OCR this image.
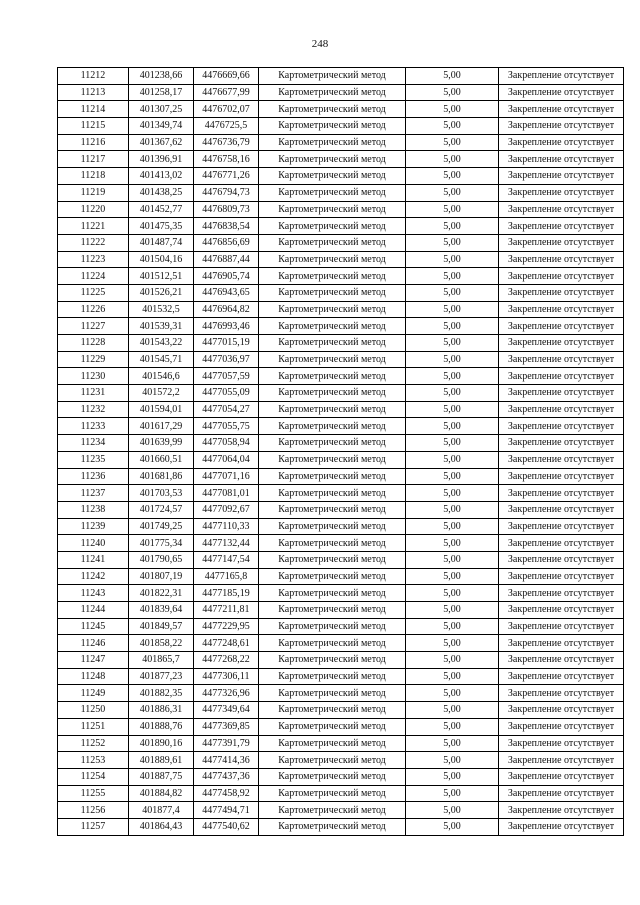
248
11212	401238,66	4476669,66	Картометрический метод	5,00	Закрепление отсутствует
11213	401258,17	4476677,99	Картометрический метод	5,00	Закрепление отсутствует
11214	401307,25	4476702,07	Картометрический метод	5,00	Закрепление отсутствует
11215	401349,74	4476725,5	Картометрический метод	5,00	Закрепление отсутствует
11216	401367,62	4476736,79	Картометрический метод	5,00	Закрепление отсутствует
11217	401396,91	4476758,16	Картометрический метод	5,00	Закрепление отсутствует
11218	401413,02	4476771,26	Картометрический метод	5,00	Закрепление отсутствует
11219	401438,25	4476794,73	Картометрический метод	5,00	Закрепление отсутствует
11220	401452,77	4476809,73	Картометрический метод	5,00	Закрепление отсутствует
11221	401475,35	4476838,54	Картометрический метод	5,00	Закрепление отсутствует
11222	401487,74	4476856,69	Картометрический метод	5,00	Закрепление отсутствует
11223	401504,16	4476887,44	Картометрический метод	5,00	Закрепление отсутствует
11224	401512,51	4476905,74	Картометрический метод	5,00	Закрепление отсутствует
11225	401526,21	4476943,65	Картометрический метод	5,00	Закрепление отсутствует
11226	401532,5	4476964,82	Картометрический метод	5,00	Закрепление отсутствует
11227	401539,31	4476993,46	Картометрический метод	5,00	Закрепление отсутствует
11228	401543,22	4477015,19	Картометрический метод	5,00	Закрепление отсутствует
11229	401545,71	4477036,97	Картометрический метод	5,00	Закрепление отсутствует
11230	401546,6	4477057,59	Картометрический метод	5,00	Закрепление отсутствует
11231	401572,2	4477055,09	Картометрический метод	5,00	Закрепление отсутствует
11232	401594,01	4477054,27	Картометрический метод	5,00	Закрепление отсутствует
11233	401617,29	4477055,75	Картометрический метод	5,00	Закрепление отсутствует
11234	401639,99	4477058,94	Картометрический метод	5,00	Закрепление отсутствует
11235	401660,51	4477064,04	Картометрический метод	5,00	Закрепление отсутствует
11236	401681,86	4477071,16	Картометрический метод	5,00	Закрепление отсутствует
11237	401703,53	4477081,01	Картометрический метод	5,00	Закрепление отсутствует
11238	401724,57	4477092,67	Картометрический метод	5,00	Закрепление отсутствует
11239	401749,25	4477110,33	Картометрический метод	5,00	Закрепление отсутствует
11240	401775,34	4477132,44	Картометрический метод	5,00	Закрепление отсутствует
11241	401790,65	4477147,54	Картометрический метод	5,00	Закрепление отсутствует
11242	401807,19	4477165,8	Картометрический метод	5,00	Закрепление отсутствует
11243	401822,31	4477185,19	Картометрический метод	5,00	Закрепление отсутствует
11244	401839,64	4477211,81	Картометрический метод	5,00	Закрепление отсутствует
11245	401849,57	4477229,95	Картометрический метод	5,00	Закрепление отсутствует
11246	401858,22	4477248,61	Картометрический метод	5,00	Закрепление отсутствует
11247	401865,7	4477268,22	Картометрический метод	5,00	Закрепление отсутствует
11248	401877,23	4477306,11	Картометрический метод	5,00	Закрепление отсутствует
11249	401882,35	4477326,96	Картометрический метод	5,00	Закрепление отсутствует
11250	401886,31	4477349,64	Картометрический метод	5,00	Закрепление отсутствует
11251	401888,76	4477369,85	Картометрический метод	5,00	Закрепление отсутствует
11252	401890,16	4477391,79	Картометрический метод	5,00	Закрепление отсутствует
11253	401889,61	4477414,36	Картометрический метод	5,00	Закрепление отсутствует
11254	401887,75	4477437,36	Картометрический метод	5,00	Закрепление отсутствует
11255	401884,82	4477458,92	Картометрический метод	5,00	Закрепление отсутствует
11256	401877,4	4477494,71	Картометрический метод	5,00	Закрепление отсутствует
11257	401864,43	4477540,62	Картометрический метод	5,00	Закрепление отсутствует
